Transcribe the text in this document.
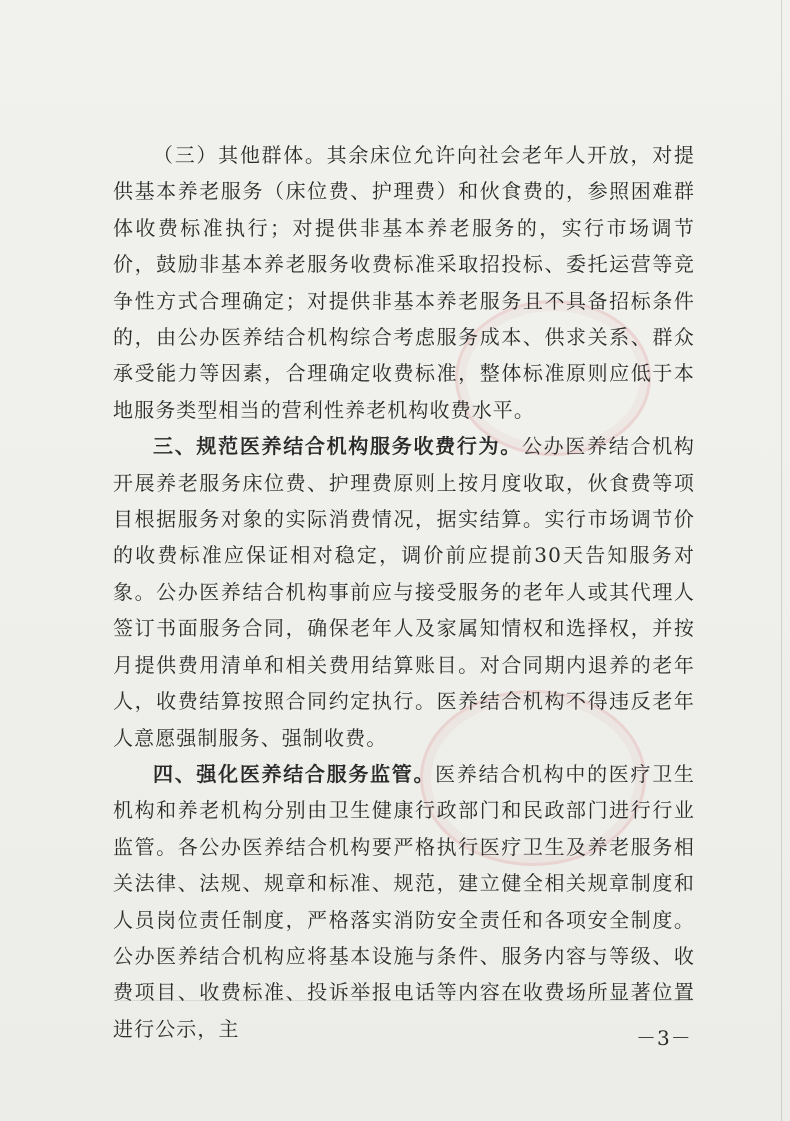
（三）其他群体。其余床位允许向社会老年人开放，对提供基本养老服务（床位费、护理费）和伙食费的，参照困难群体收费标准执行；对提供非基本养老服务的，实行市场调节价，鼓励非基本养老服务收费标准采取招投标、委托运营等竞争性方式合理确定；对提供非基本养老服务且不具备招标条件的，由公办医养结合机构综合考虑服务成本、供求关系、群众承受能力等因素，合理确定收费标准，整体标准原则应低于本地服务类型相当的营利性养老机构收费水平。

三、规范医养结合机构服务收费行为。公办医养结合机构开展养老服务床位费、护理费原则上按月度收取，伙食费等项目根据服务对象的实际消费情况，据实结算。实行市场调节价的收费标准应保证相对稳定，调价前应提前30天告知服务对象。公办医养结合机构事前应与接受服务的老年人或其代理人签订书面服务合同，确保老年人及家属知情权和选择权，并按月提供费用清单和相关费用结算账目。对合同期内退养的老年人，收费结算按照合同约定执行。医养结合机构不得违反老年人意愿强制服务、强制收费。

四、强化医养结合服务监管。医养结合机构中的医疗卫生机构和养老机构分别由卫生健康行政部门和民政部门进行行业监管。各公办医养结合机构要严格执行医疗卫生及养老服务相关法律、法规、规章和标准、规范，建立健全相关规章制度和人员岗位责任制度，严格落实消防安全责任和各项安全制度。公办医养结合机构应将基本设施与条件、服务内容与等级、收费项目、收费标准、投诉举报电话等内容在收费场所显著位置进行公示，主	－3－
